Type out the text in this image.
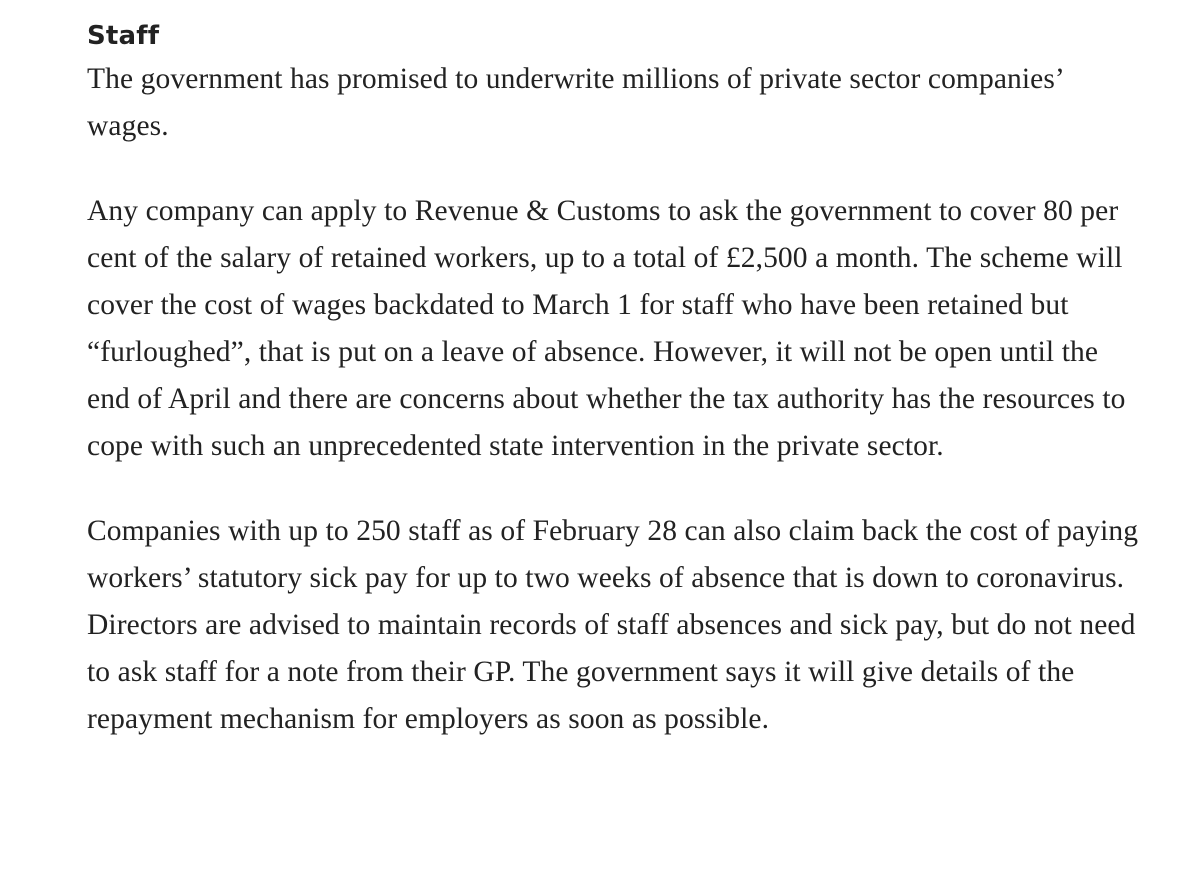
Staff

The government has promised to underwrite millions of private sector companies’ wages.

Any company can apply to Revenue & Customs to ask the government to cover 80 per cent of the salary of retained workers, up to a total of £2,500 a month. The scheme will cover the cost of wages backdated to March 1 for staff who have been retained but “furloughed”, that is put on a leave of absence. However, it will not be open until the end of April and there are concerns about whether the tax authority has the resources to cope with such an unprecedented state intervention in the private sector.

Companies with up to 250 staff as of February 28 can also claim back the cost of paying workers’ statutory sick pay for up to two weeks of absence that is down to coronavirus. Directors are advised to maintain records of staff absences and sick pay, but do not need to ask staff for a note from their GP. The government says it will give details of the repayment mechanism for employers as soon as possible.
